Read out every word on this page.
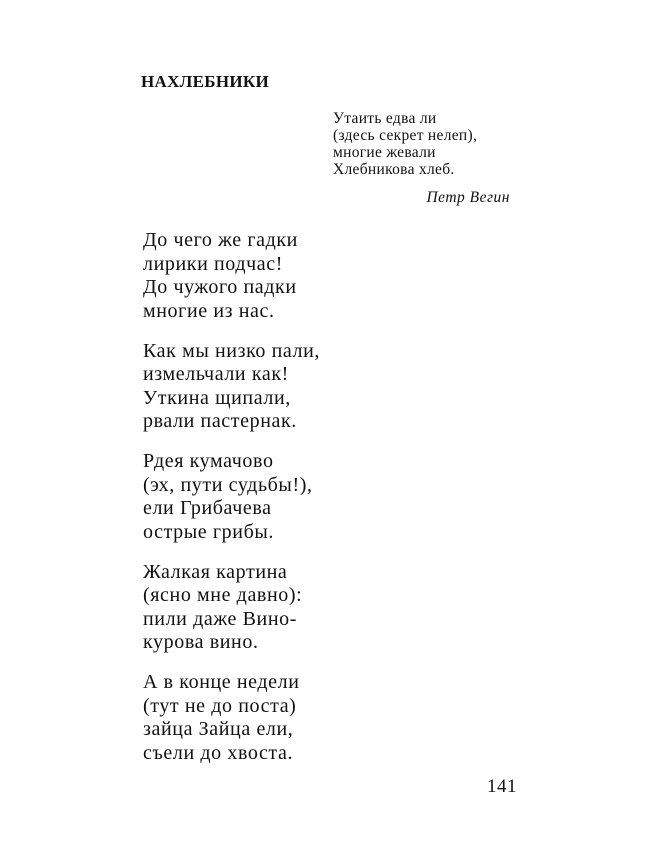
НАХЛЕБНИКИ
Утаить едва ли
(здесь секрет нелеп),
многие жевали
Хлебникова хлеб.
Петр Вегин
До чего же гадки
лирики подчас!
До чужого падки
многие из нас.
Как мы низко пали,
измельчали как!
Уткина щипали,
рвали пастернак.
Рдея кумачово
(эх, пути судьбы!),
ели Грибачева
острые грибы.
Жалкая картина
(ясно мне давно):
пили даже Вино-
курова вино.
А в конце недели
(тут не до поста)
зайца Зайца ели,
съели до хвоста.
141
